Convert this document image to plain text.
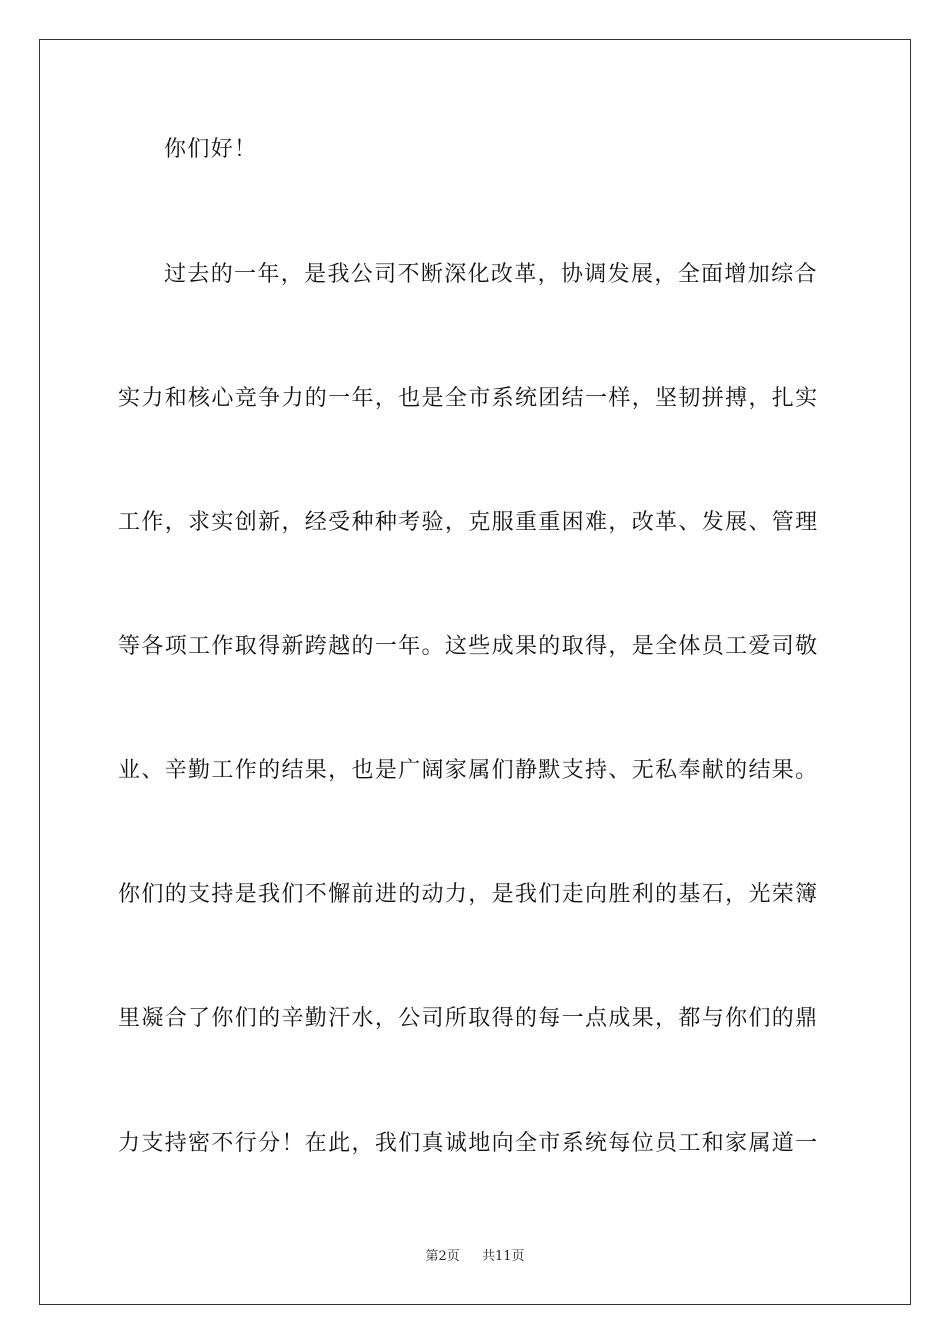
你们好！
过去的一年，是我公司不断深化改革，协调发展，全面增加综合
实力和核心竞争力的一年，也是全市系统团结一样，坚韧拼搏，扎实
工作，求实创新，经受种种考验，克服重重困难，改革、发展、管理
等各项工作取得新跨越的一年。这些成果的取得，是全体员工爱司敬
业、辛勤工作的结果，也是广阔家属们静默支持、无私奉献的结果。
你们的支持是我们不懈前进的动力，是我们走向胜利的基石，光荣簿
里凝合了你们的辛勤汗水，公司所取得的每一点成果，都与你们的鼎
力支持密不行分！在此，我们真诚地向全市系统每位员工和家属道一
第2页 共11页
